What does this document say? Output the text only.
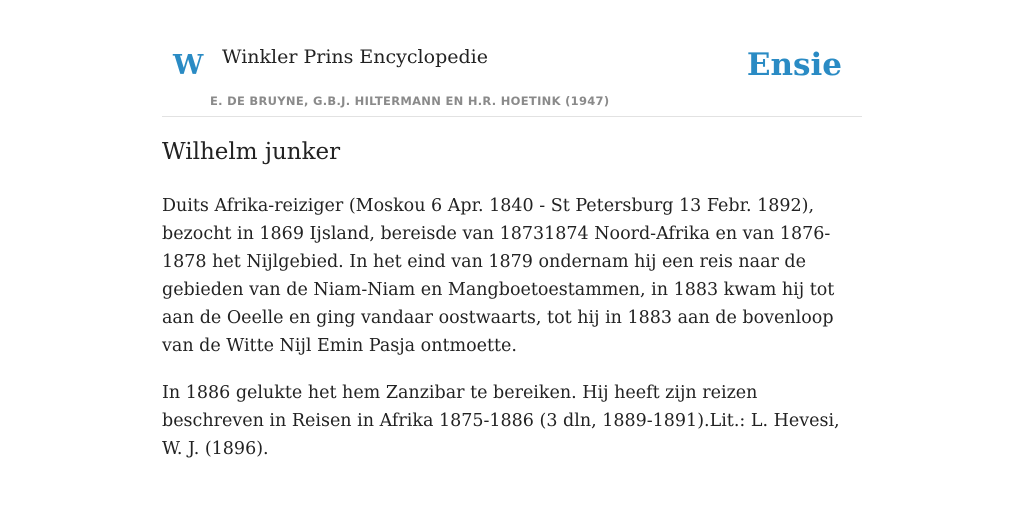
W Winkler Prins Encyclopedie
E. DE BRUYNE, G.B.J. HILTERMANN EN H.R. HOETINK (1947)
Ensie
Wilhelm junker

Duits Afrika-reiziger (Moskou 6 Apr. 1840 - St Petersburg 13 Febr. 1892), bezocht in 1869 Ijsland, bereisde van 18731874 Noord-Afrika en van 1876-1878 het Nijlgebied. In het eind van 1879 ondernam hij een reis naar de gebieden van de Niam-Niam en Mangboetoestammen, in 1883 kwam hij tot aan de Oeelle en ging vandaar oostwaarts, tot hij in 1883 aan de bovenloop van de Witte Nijl Emin Pasja ontmoette.

In 1886 gelukte het hem Zanzibar te bereiken. Hij heeft zijn reizen beschreven in Reisen in Afrika 1875-1886 (3 dln, 1889-1891).Lit.: L. Hevesi, W. J. (1896).
